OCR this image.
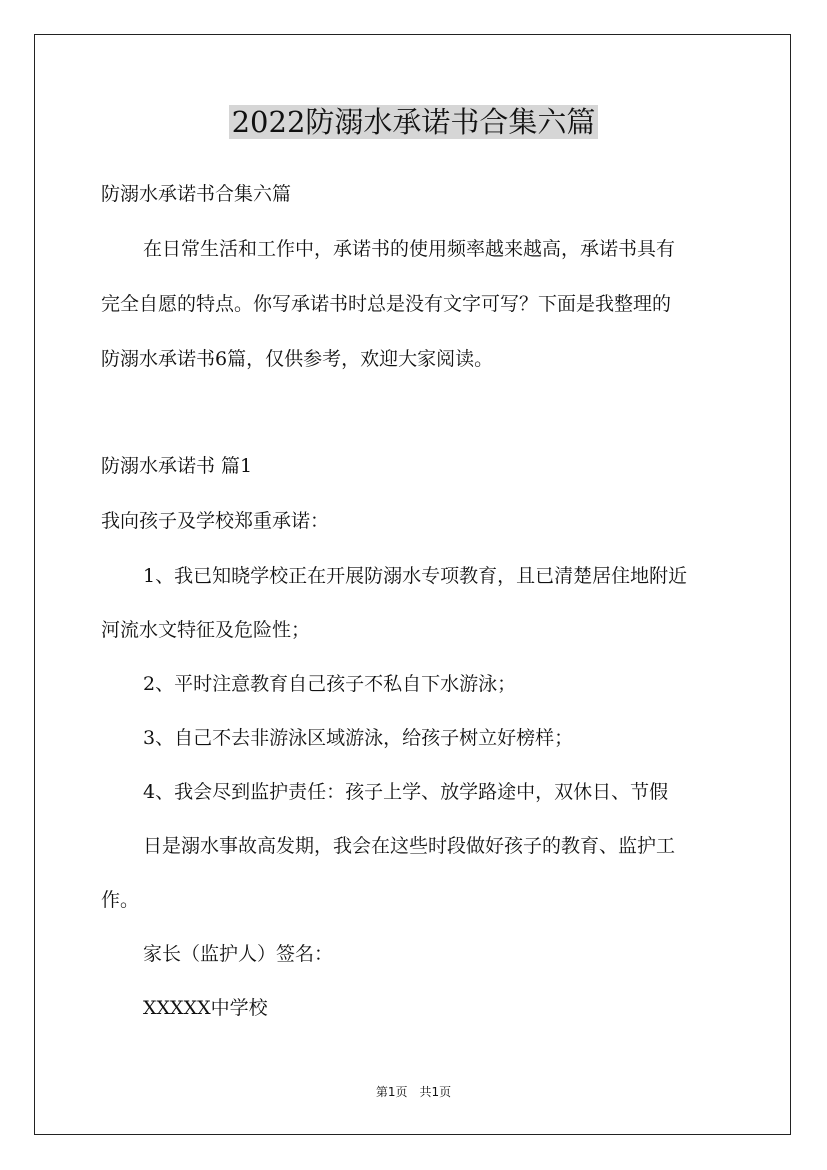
2022防溺水承诺书合集六篇
防溺水承诺书合集六篇
在日常生活和工作中，承诺书的使用频率越来越高，承诺书具有
完全自愿的特点。你写承诺书时总是没有文字可写？下面是我整理的
防溺水承诺书6篇，仅供参考，欢迎大家阅读。
防溺水承诺书 篇1
我向孩子及学校郑重承诺：
1、我已知晓学校正在开展防溺水专项教育，且已清楚居住地附近
河流水文特征及危险性；
2、平时注意教育自己孩子不私自下水游泳；
3、自己不去非游泳区域游泳，给孩子树立好榜样；
4、我会尽到监护责任：孩子上学、放学路途中，双休日、节假
日是溺水事故高发期，我会在这些时段做好孩子的教育、监护工
作。
家长（监护人）签名：
XXXXX中学校
第1页 共1页
